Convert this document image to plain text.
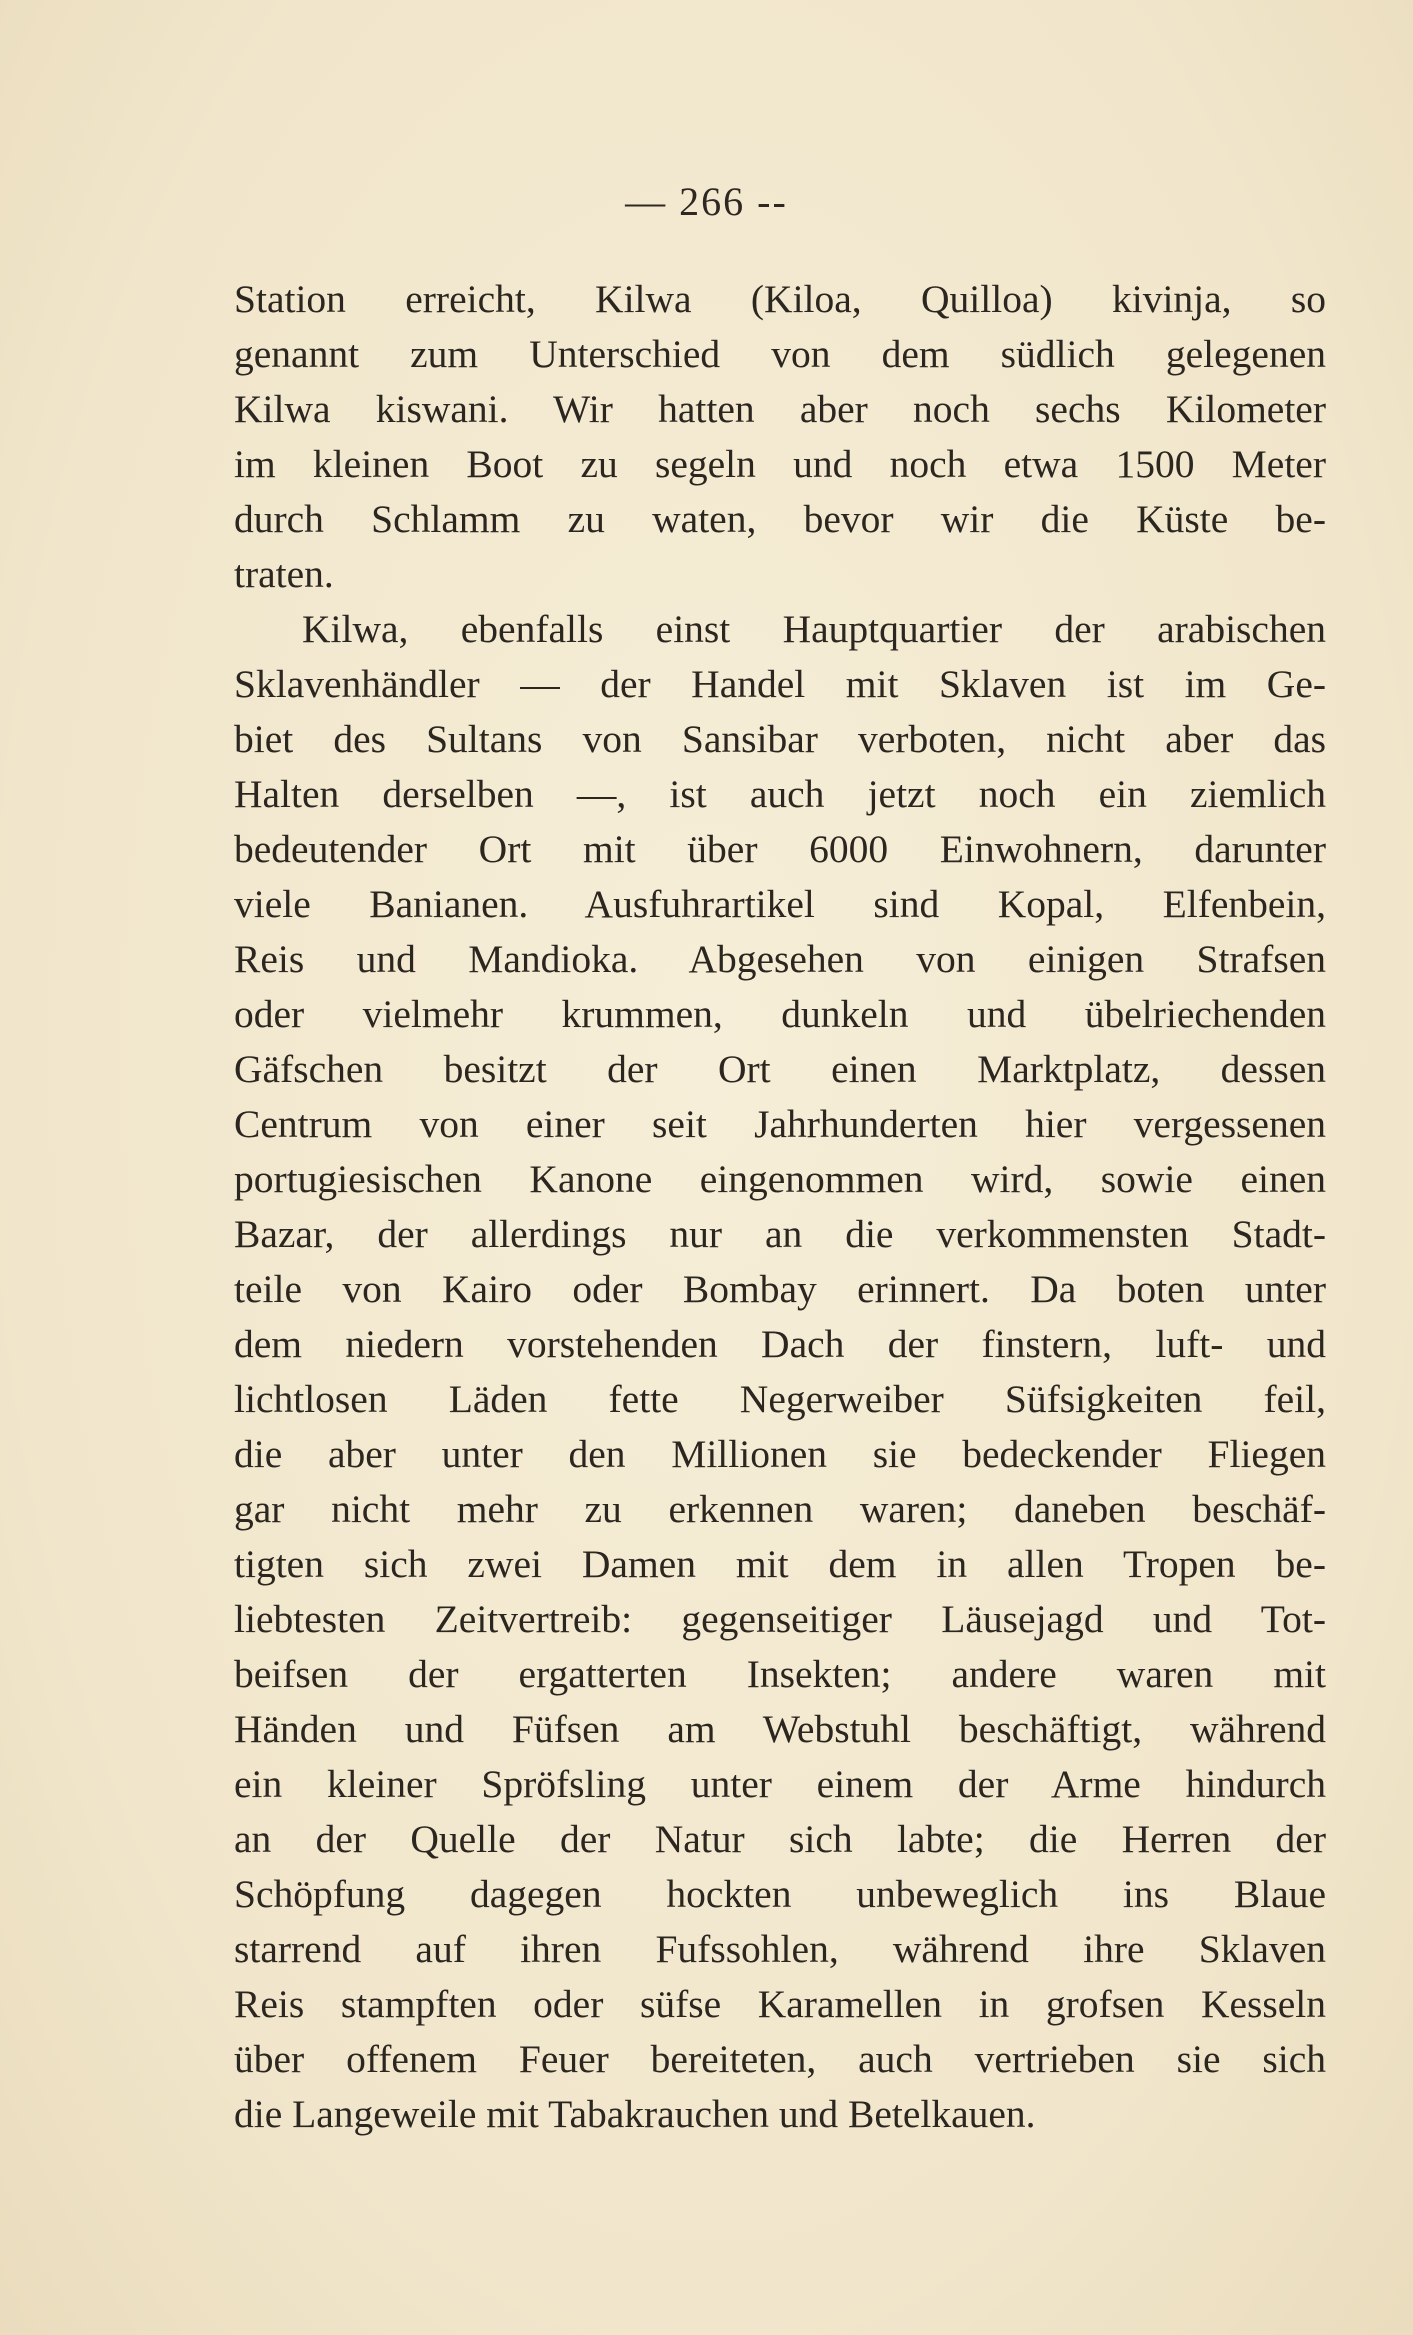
— 266 --
Station erreicht, Kilwa (Kiloa, Quilloa) kivinja, so
genannt zum Unterschied von dem südlich gelegenen
Kilwa kiswani. Wir hatten aber noch sechs Kilometer
im kleinen Boot zu segeln und noch etwa 1500 Meter
durch Schlamm zu waten, bevor wir die Küste be-
traten.
Kilwa, ebenfalls einst Hauptquartier der arabischen
Sklavenhändler — der Handel mit Sklaven ist im Ge-
biet des Sultans von Sansibar verboten, nicht aber das
Halten derselben —, ist auch jetzt noch ein ziemlich
bedeutender Ort mit über 6000 Einwohnern, darunter
viele Banianen. Ausfuhrartikel sind Kopal, Elfenbein,
Reis und Mandioka. Abgesehen von einigen Strafsen
oder vielmehr krummen, dunkeln und übelriechenden
Gäfschen besitzt der Ort einen Marktplatz, dessen
Centrum von einer seit Jahrhunderten hier vergessenen
portugiesischen Kanone eingenommen wird, sowie einen
Bazar, der allerdings nur an die verkommensten Stadt-
teile von Kairo oder Bombay erinnert. Da boten unter
dem niedern vorstehenden Dach der finstern, luft- und
lichtlosen Läden fette Negerweiber Süfsigkeiten feil,
die aber unter den Millionen sie bedeckender Fliegen
gar nicht mehr zu erkennen waren; daneben beschäf-
tigten sich zwei Damen mit dem in allen Tropen be-
liebtesten Zeitvertreib: gegenseitiger Läusejagd und Tot-
beifsen der ergatterten Insekten; andere waren mit
Händen und Füfsen am Webstuhl beschäftigt, während
ein kleiner Spröfsling unter einem der Arme hindurch
an der Quelle der Natur sich labte; die Herren der
Schöpfung dagegen hockten unbeweglich ins Blaue
starrend auf ihren Fufssohlen, während ihre Sklaven
Reis stampften oder süfse Karamellen in grofsen Kesseln
über offenem Feuer bereiteten, auch vertrieben sie sich
die Langeweile mit Tabakrauchen und Betelkauen.
